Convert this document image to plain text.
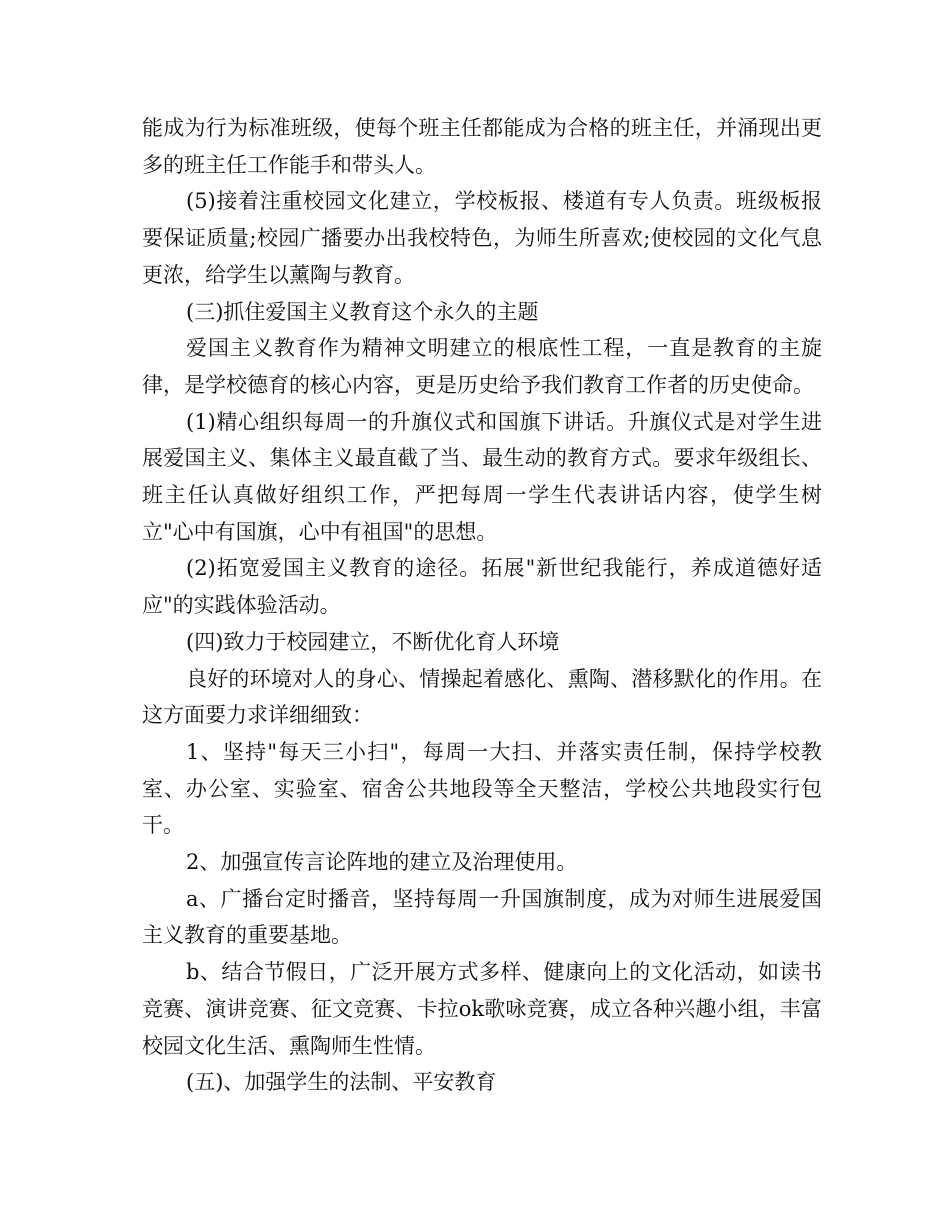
能成为行为标准班级，使每个班主任都能成为合格的班主任，并涌现出更多的班主任工作能手和带头人。

(5)接着注重校园文化建立，学校板报、楼道有专人负责。班级板报要保证质量;校园广播要办出我校特色，为师生所喜欢;使校园的文化气息更浓，给学生以薰陶与教育。

(三)抓住爱国主义教育这个永久的主题

爱国主义教育作为精神文明建立的根底性工程，一直是教育的主旋律，是学校德育的核心内容，更是历史给予我们教育工作者的历史使命。

(1)精心组织每周一的升旗仪式和国旗下讲话。升旗仪式是对学生进展爱国主义、集体主义最直截了当、最生动的教育方式。要求年级组长、班主任认真做好组织工作，严把每周一学生代表讲话内容，使学生树立"心中有国旗，心中有祖国"的思想。

(2)拓宽爱国主义教育的途径。拓展"新世纪我能行，养成道德好适应"的实践体验活动。

(四)致力于校园建立，不断优化育人环境

良好的环境对人的身心、情操起着感化、熏陶、潜移默化的作用。在这方面要力求详细细致：

1、坚持"每天三小扫"，每周一大扫、并落实责任制，保持学校教室、办公室、实验室、宿舍公共地段等全天整洁，学校公共地段实行包干。

2、加强宣传言论阵地的建立及治理使用。

a、广播台定时播音，坚持每周一升国旗制度，成为对师生进展爱国主义教育的重要基地。

b、结合节假日，广泛开展方式多样、健康向上的文化活动，如读书竞赛、演讲竞赛、征文竞赛、卡拉ok歌咏竞赛，成立各种兴趣小组，丰富校园文化生活、熏陶师生性情。

(五)、加强学生的法制、平安教育
